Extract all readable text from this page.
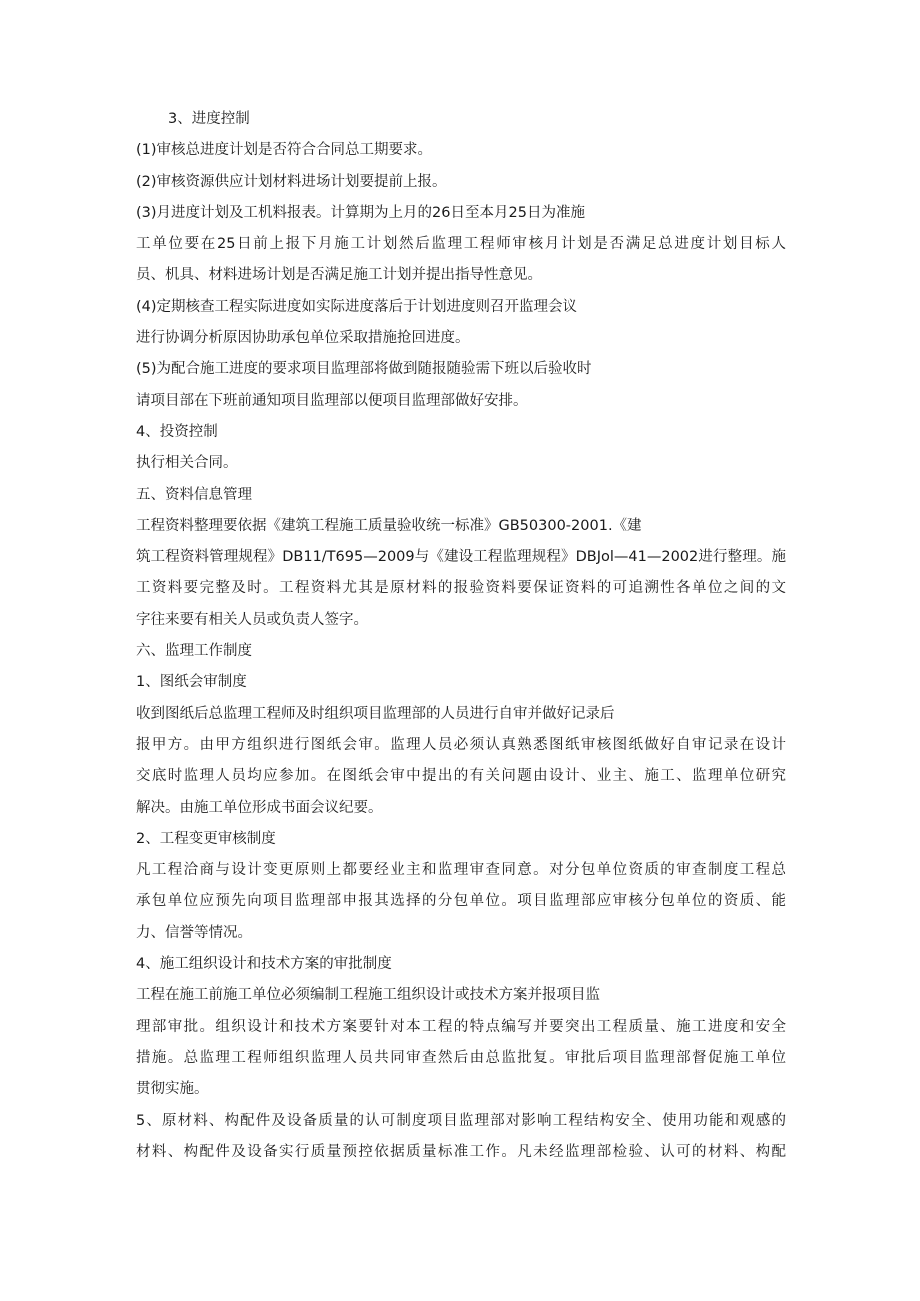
3、进度控制
(1)审核总进度计划是否符合合同总工期要求。
(2)审核资源供应计划材料进场计划要提前上报。
(3)月进度计划及工机料报表。计算期为上月的26日至本月25日为准施
工单位要在25日前上报下月施工计划然后监理工程师审核月计划是否满足总进度计划目标人
员、机具、材料进场计划是否满足施工计划并提出指导性意见。
(4)定期核查工程实际进度如实际进度落后于计划进度则召开监理会议
进行协调分析原因协助承包单位采取措施抢回进度。
(5)为配合施工进度的要求项目监理部将做到随报随验需下班以后验收时
请项目部在下班前通知项目监理部以便项目监理部做好安排。
4、投资控制
执行相关合同。
五、资料信息管理
工程资料整理要依据《建筑工程施工质量验收统一标准》GB50300-2001.《建
筑工程资料管理规程》DB11/T695—2009与《建设工程监理规程》DBJol—41—2002进行整理。施
工资料要完整及时。工程资料尤其是原材料的报验资料要保证资料的可追溯性各单位之间的文
字往来要有相关人员或负责人签字。
六、监理工作制度
1、图纸会审制度
收到图纸后总监理工程师及时组织项目监理部的人员进行自审并做好记录后
报甲方。由甲方组织进行图纸会审。监理人员必须认真熟悉图纸审核图纸做好自审记录在设计
交底时监理人员均应参加。在图纸会审中提出的有关问题由设计、业主、施工、监理单位研究
解决。由施工单位形成书面会议纪要。
2、工程变更审核制度
凡工程洽商与设计变更原则上都要经业主和监理审查同意。对分包单位资质的审查制度工程总
承包单位应预先向项目监理部申报其选择的分包单位。项目监理部应审核分包单位的资质、能
力、信誉等情况。
4、施工组织设计和技术方案的审批制度
工程在施工前施工单位必须编制工程施工组织设计或技术方案并报项目监
理部审批。组织设计和技术方案要针对本工程的特点编写并要突出工程质量、施工进度和安全
措施。总监理工程师组织监理人员共同审查然后由总监批复。审批后项目监理部督促施工单位
贯彻实施。
5、原材料、构配件及设备质量的认可制度项目监理部对影响工程结构安全、使用功能和观感的
材料、构配件及设备实行质量预控依据质量标准工作。凡未经监理部检验、认可的材料、构配
